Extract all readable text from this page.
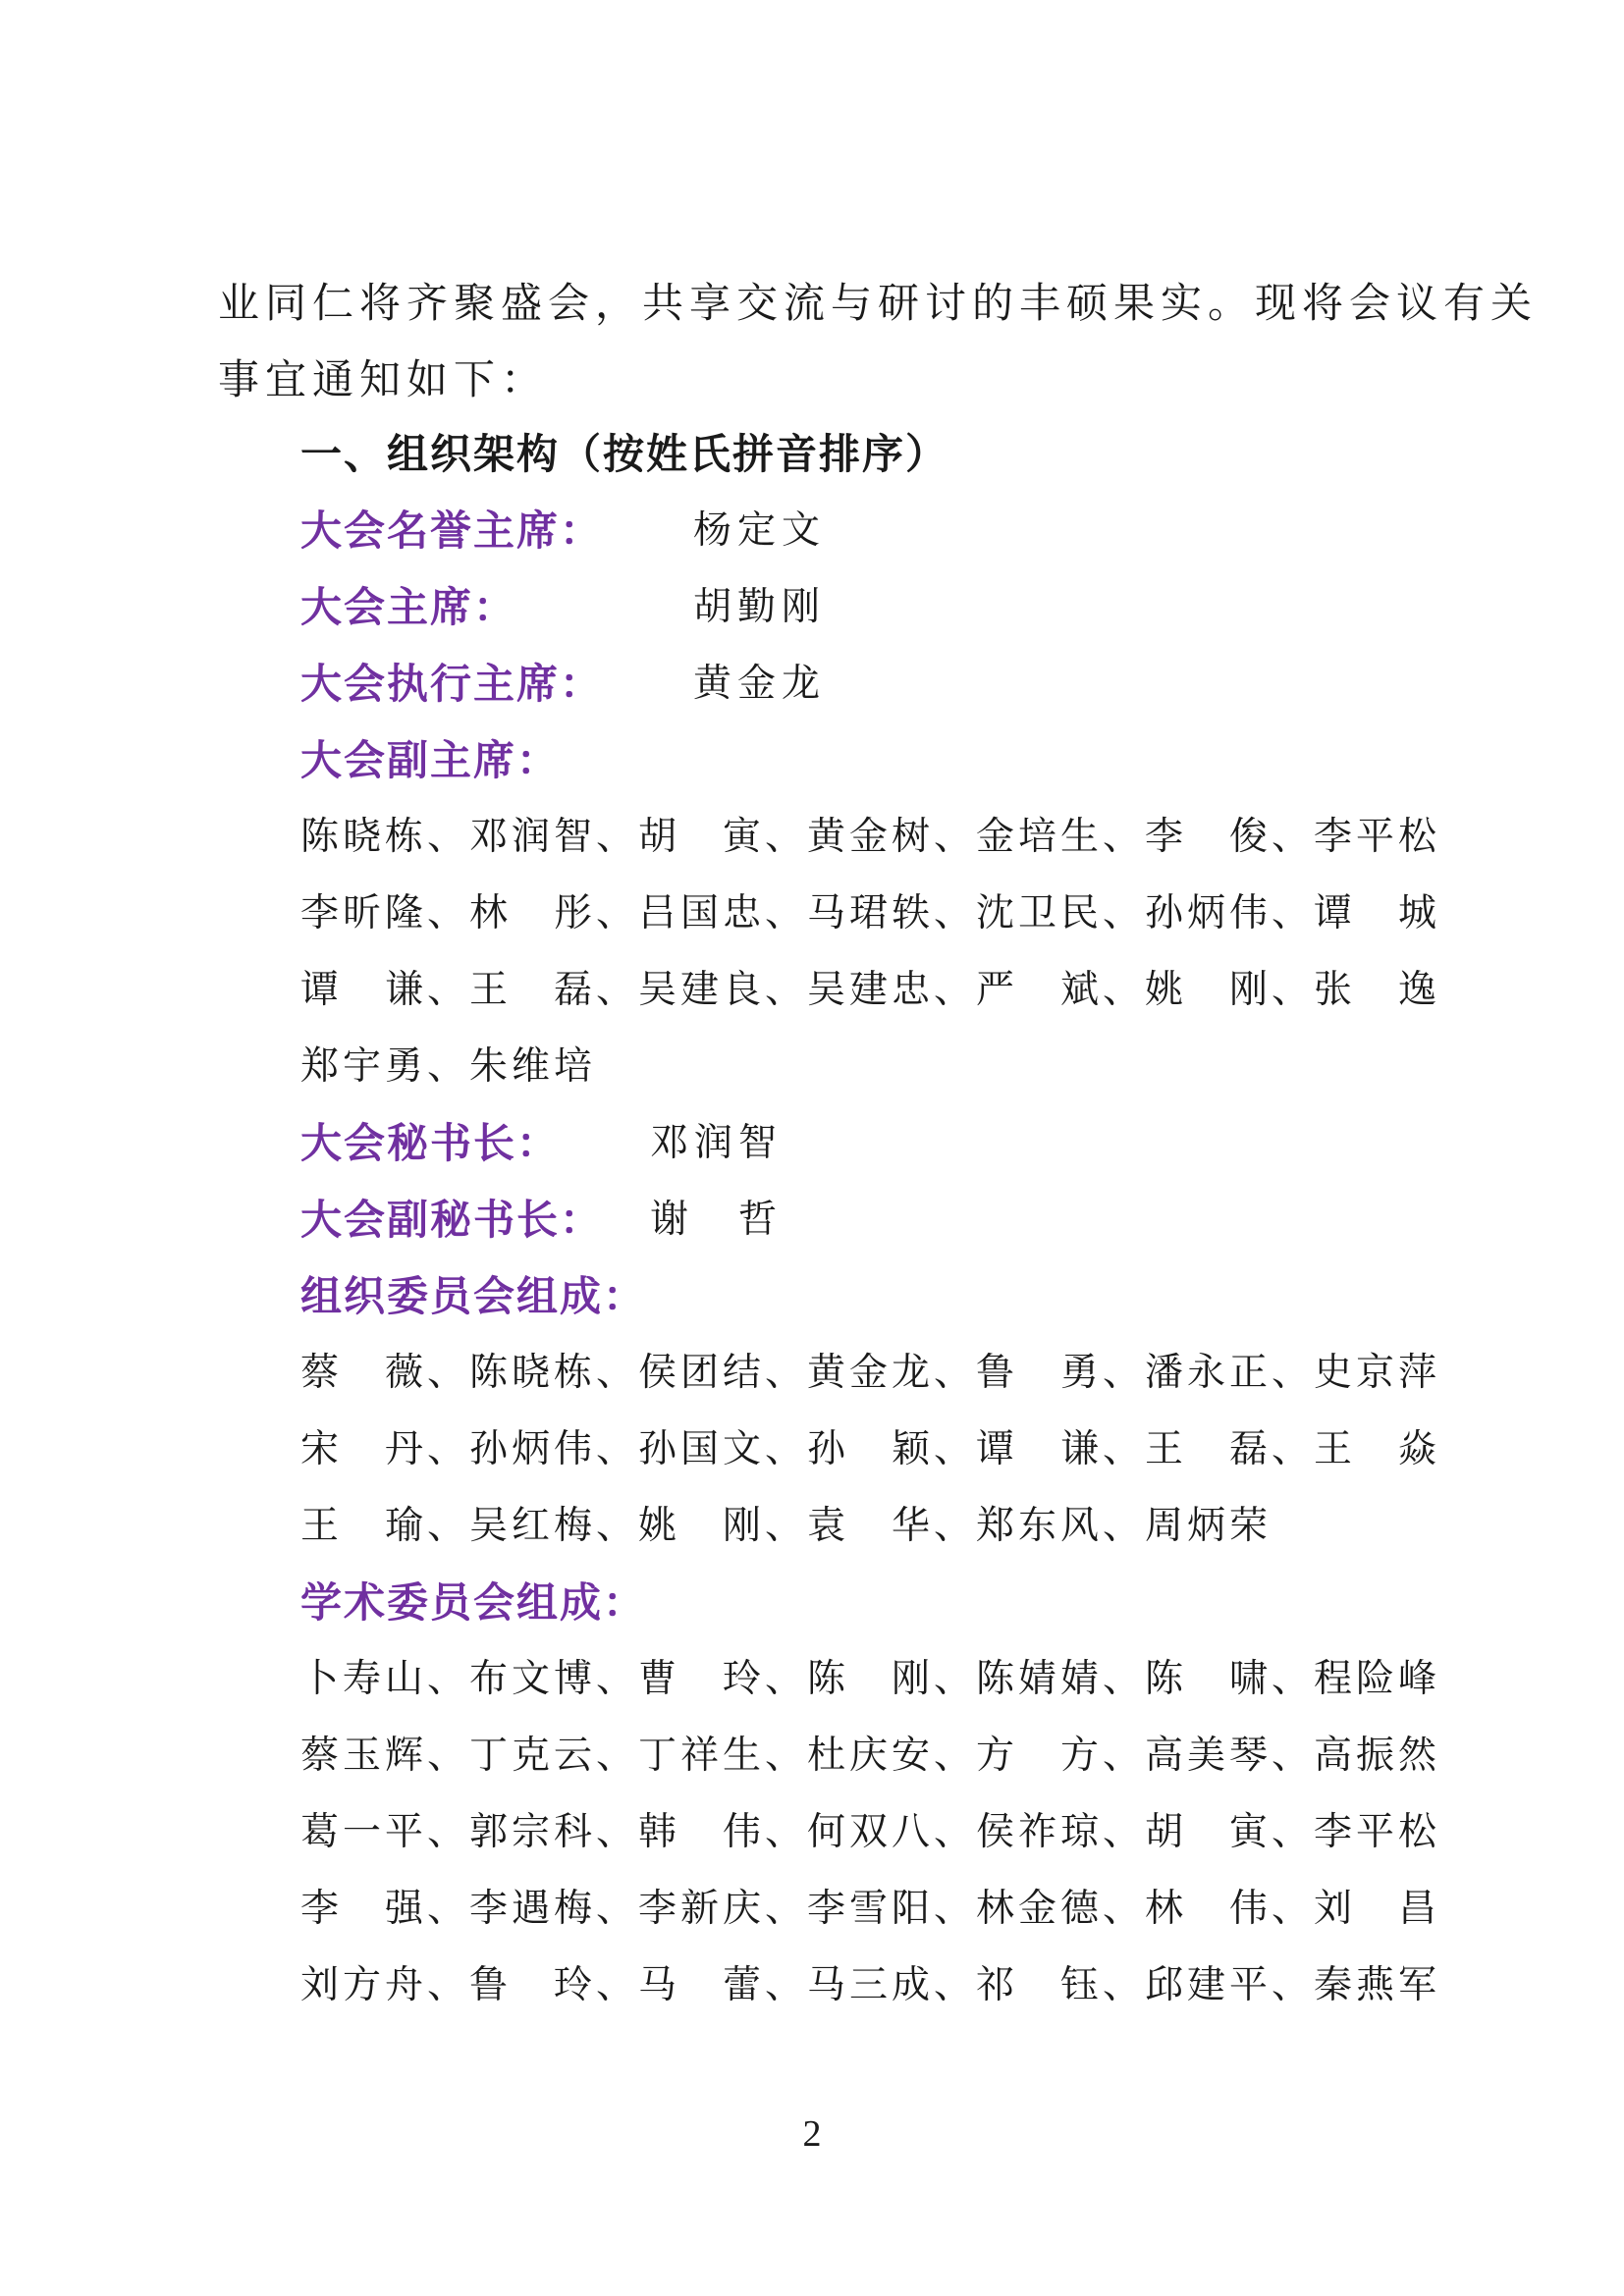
业同仁将齐聚盛会，共享交流与研讨的丰硕果实。现将会议有关
事宜通知如下：
一、组织架构（按姓氏拼音排序）
大会名誉主席： 杨定文
大会主席：	胡勤刚
大会执行主席： 黄金龙
大会副主席：
陈晓栋、邓润智、胡　寅、黄金树、金培生、李　俊、李平松
李昕隆、林　彤、吕国忠、马珺轶、沈卫民、孙炳伟、谭　城
谭　谦、王　磊、吴建良、吴建忠、严　斌、姚　刚、张　逸
郑宇勇、朱维培
大会秘书长： 邓润智
大会副秘书长： 谢　哲
组织委员会组成：
蔡　薇、陈晓栋、侯团结、黄金龙、鲁　勇、潘永正、史京萍
宋　丹、孙炳伟、孙国文、孙　颖、谭　谦、王　磊、王　焱
王　瑜、吴红梅、姚　刚、袁　华、郑东风、周炳荣
学术委员会组成：
卜寿山、布文博、曹　玲、陈　刚、陈婧婧、陈　啸、程险峰
蔡玉辉、丁克云、丁祥生、杜庆安、方　方、高美琴、高振然
葛一平、郭宗科、韩　伟、何双八、侯祚琼、胡　寅、李平松
李　强、李遇梅、李新庆、李雪阳、林金德、林　伟、刘　昌
刘方舟、鲁　玲、马　蕾、马三成、祁　钰、邱建平、秦燕军
2
